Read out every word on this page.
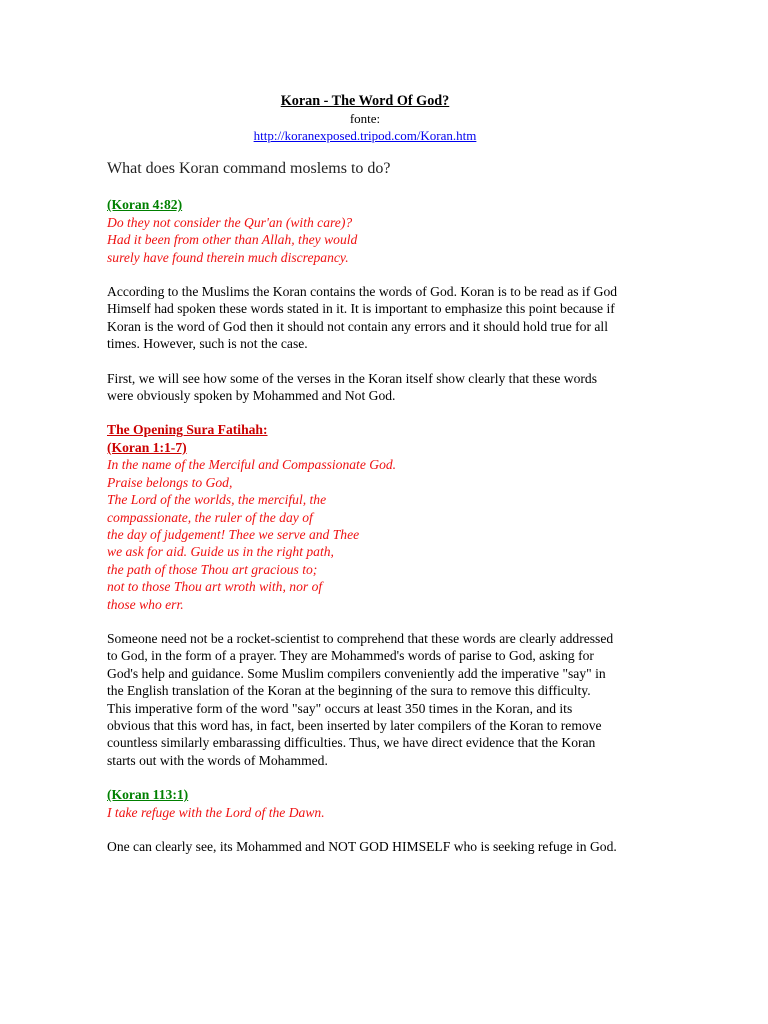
Koran - The Word Of God?
fonte:
http://koranexposed.tripod.com/Koran.htm
What does Koran command moslems to do?
(Koran 4:82)
Do they not consider the Qur'an (with care)?
Had it been from other than Allah, they would
surely have found therein much discrepancy.
According to the Muslims the Koran contains the words of God. Koran is to be read as if God
Himself had spoken these words stated in it. It is important to emphasize this point because if
Koran is the word of God then it should not contain any errors and it should hold true for all
times. However, such is not the case.
First, we will see how some of the verses in the Koran itself show clearly that these words
were obviously spoken by Mohammed and Not God.
The Opening Sura Fatihah:
(Koran 1:1-7)
In the name of the Merciful and Compassionate God.
Praise belongs to God,
The Lord of the worlds, the merciful, the
compassionate, the ruler of the day of
the day of judgement! Thee we serve and Thee
we ask for aid. Guide us in the right path,
the path of those Thou art gracious to;
not to those Thou art wroth with, nor of
those who err.
Someone need not be a rocket-scientist to comprehend that these words are clearly addressed
to God, in the form of a prayer. They are Mohammed's words of parise to God, asking for
God's help and guidance. Some Muslim compilers conveniently add the imperative "say" in
the English translation of the Koran at the beginning of the sura to remove this difficulty.
This imperative form of the word "say" occurs at least 350 times in the Koran, and its
obvious that this word has, in fact, been inserted by later compilers of the Koran to remove
countless similarly embarassing difficulties. Thus, we have direct evidence that the Koran
starts out with the words of Mohammed.
(Koran 113:1)
I take refuge with the Lord of the Dawn.
One can clearly see, its Mohammed and NOT GOD HIMSELF who is seeking refuge in God.
